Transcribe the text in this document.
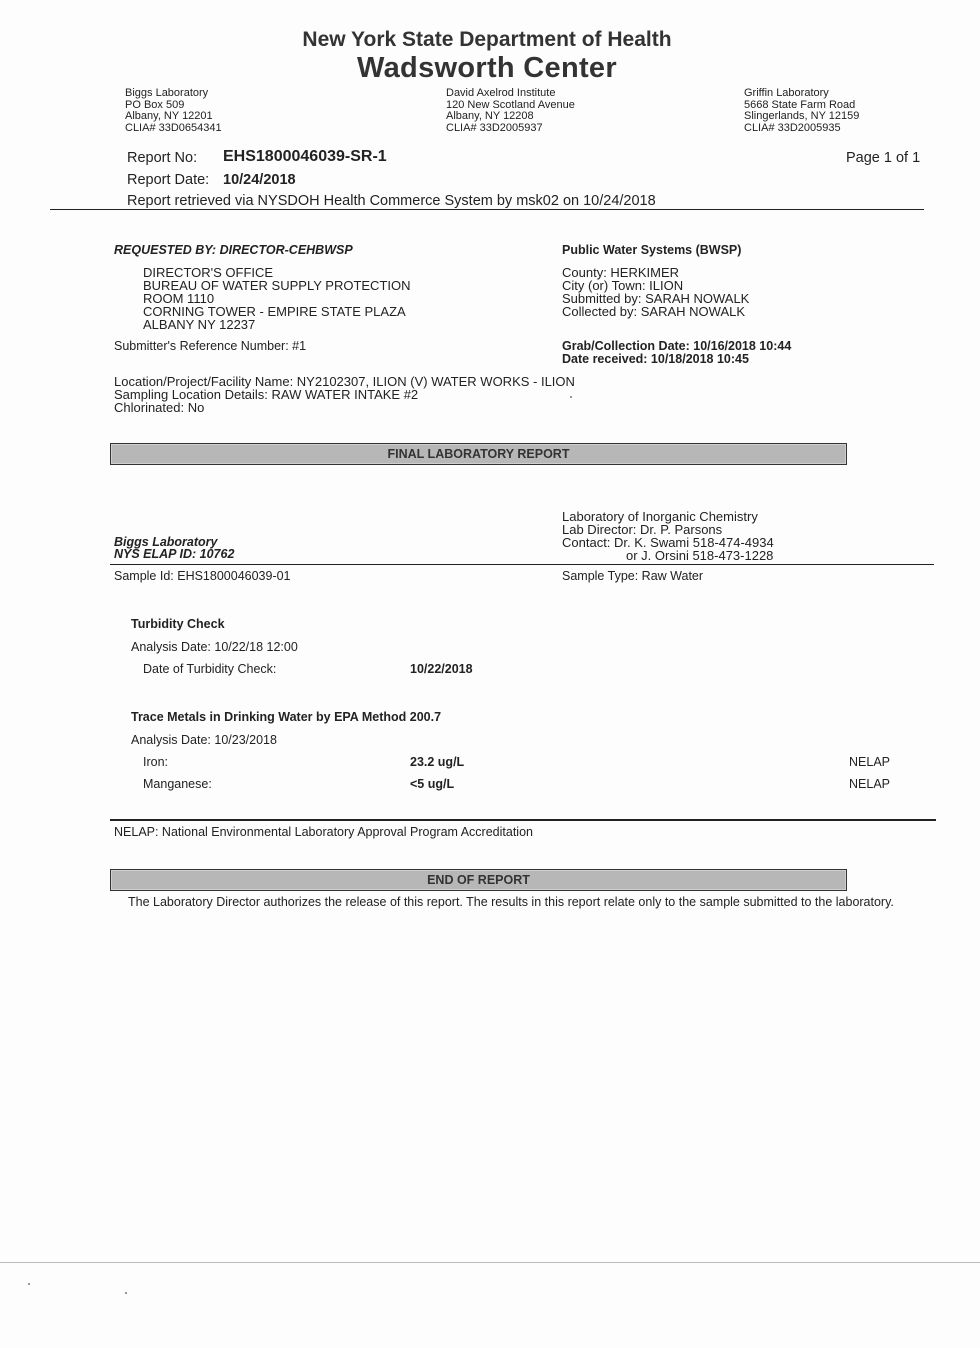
New York State Department of Health
Wadsworth Center
Biggs Laboratory
PO Box 509
Albany, NY 12201
CLIA# 33D0654341
David Axelrod Institute
120 New Scotland Avenue
Albany, NY 12208
CLIA# 33D2005937
Griffin Laboratory
5668 State Farm Road
Slingerlands, NY 12159
CLIA# 33D2005935
Report No: EHS1800046039-SR-1	Page 1 of 1
Report Date: 10/24/2018
Report retrieved via NYSDOH Health Commerce System by msk02 on 10/24/2018
REQUESTED BY: DIRECTOR-CEHBWSP
DIRECTOR'S OFFICE
BUREAU OF WATER SUPPLY PROTECTION
ROOM 1110
CORNING TOWER - EMPIRE STATE PLAZA
ALBANY NY 12237
Submitter's Reference Number: #1
Public Water Systems (BWSP)
County: HERKIMER
City (or) Town: ILION
Submitted by: SARAH NOWALK
Collected by: SARAH NOWALK
Grab/Collection Date: 10/16/2018 10:44
Date received: 10/18/2018 10:45
Location/Project/Facility Name: NY2102307, ILION (V) WATER WORKS - ILION
Sampling Location Details: RAW WATER INTAKE #2
Chlorinated: No
FINAL LABORATORY REPORT
Laboratory of Inorganic Chemistry
Lab Director: Dr. P. Parsons
Contact: Dr. K. Swami 518-474-4934
or J. Orsini 518-473-1228
Biggs Laboratory
NYS ELAP ID: 10762
Sample Id: EHS1800046039-01	Sample Type: Raw Water
Turbidity Check
Analysis Date: 10/22/18 12:00
Date of Turbidity Check:	10/22/2018
Trace Metals in Drinking Water by EPA Method 200.7
Analysis Date: 10/23/2018
Iron:	23.2 ug/L	NELAP
Manganese:	<5 ug/L	NELAP
NELAP: National Environmental Laboratory Approval Program Accreditation
END OF REPORT
The Laboratory Director authorizes the release of this report. The results in this report relate only to the sample submitted to the laboratory.
